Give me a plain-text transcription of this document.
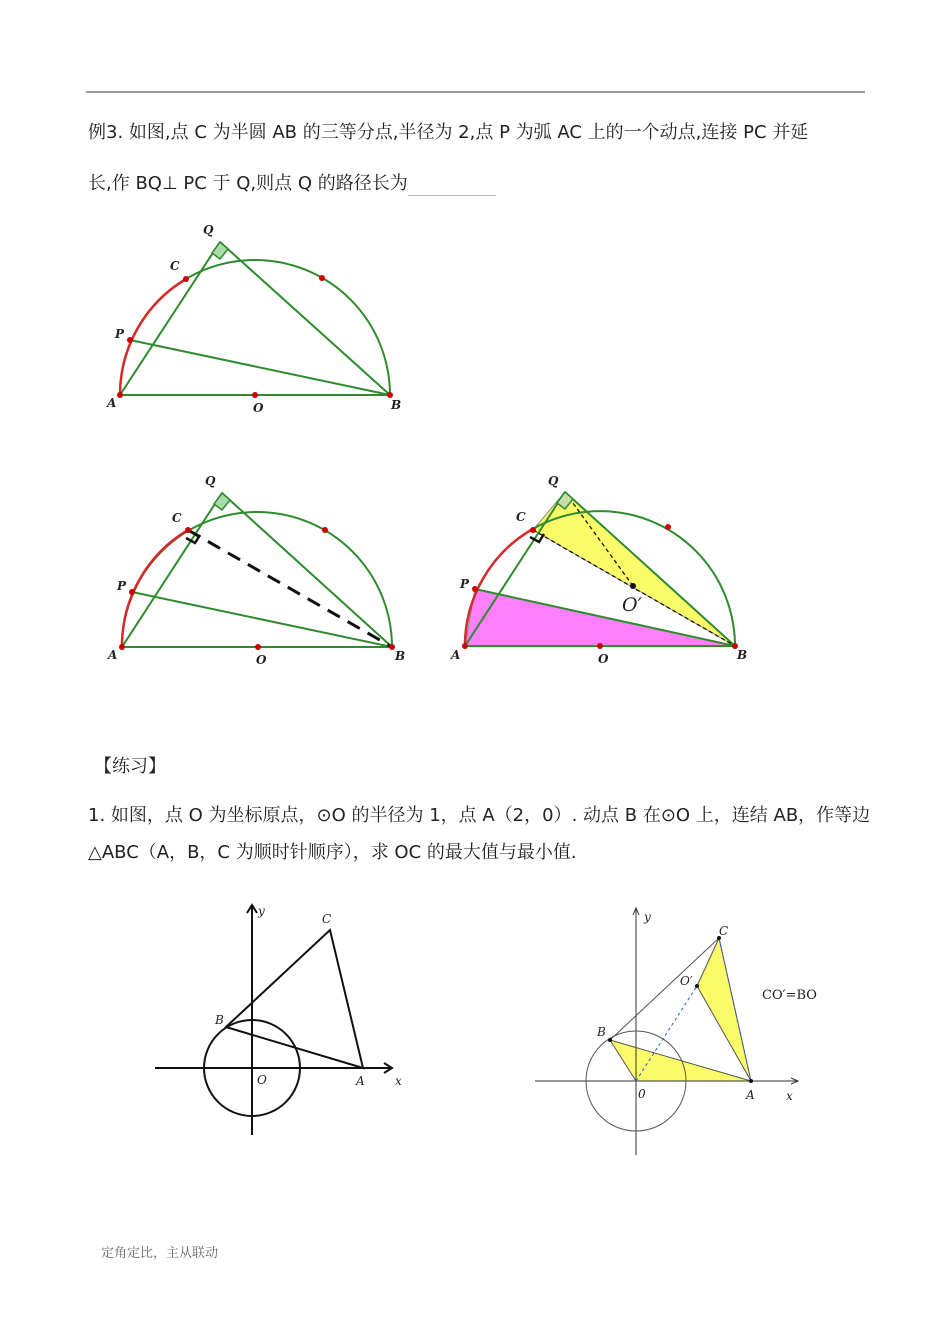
例3. 如图,点 C 为半圆 AB 的三等分点,半径为 2,点 P 为弧 AC 上的一个动点,连接 PC 并延
长,作 BQ⊥ PC 于 Q,则点 Q 的路径长为
Q
C
P
A	O	B
Q
C
P
A	O	B
Q
C
P
A	O	B
O′
【练习】
1. 如图，点 O 为坐标原点，⊙O 的半径为 1，点 A（2，0）. 动点 B 在⊙O 上，连结 AB，作等边
△ABC（A，B，C 为顺时针顺序），求 OC 的最大值与最小值.
y
x
C
B
O	A
y
x
C
B
0	A
O′
CO′=BO
定角定比，主从联动
